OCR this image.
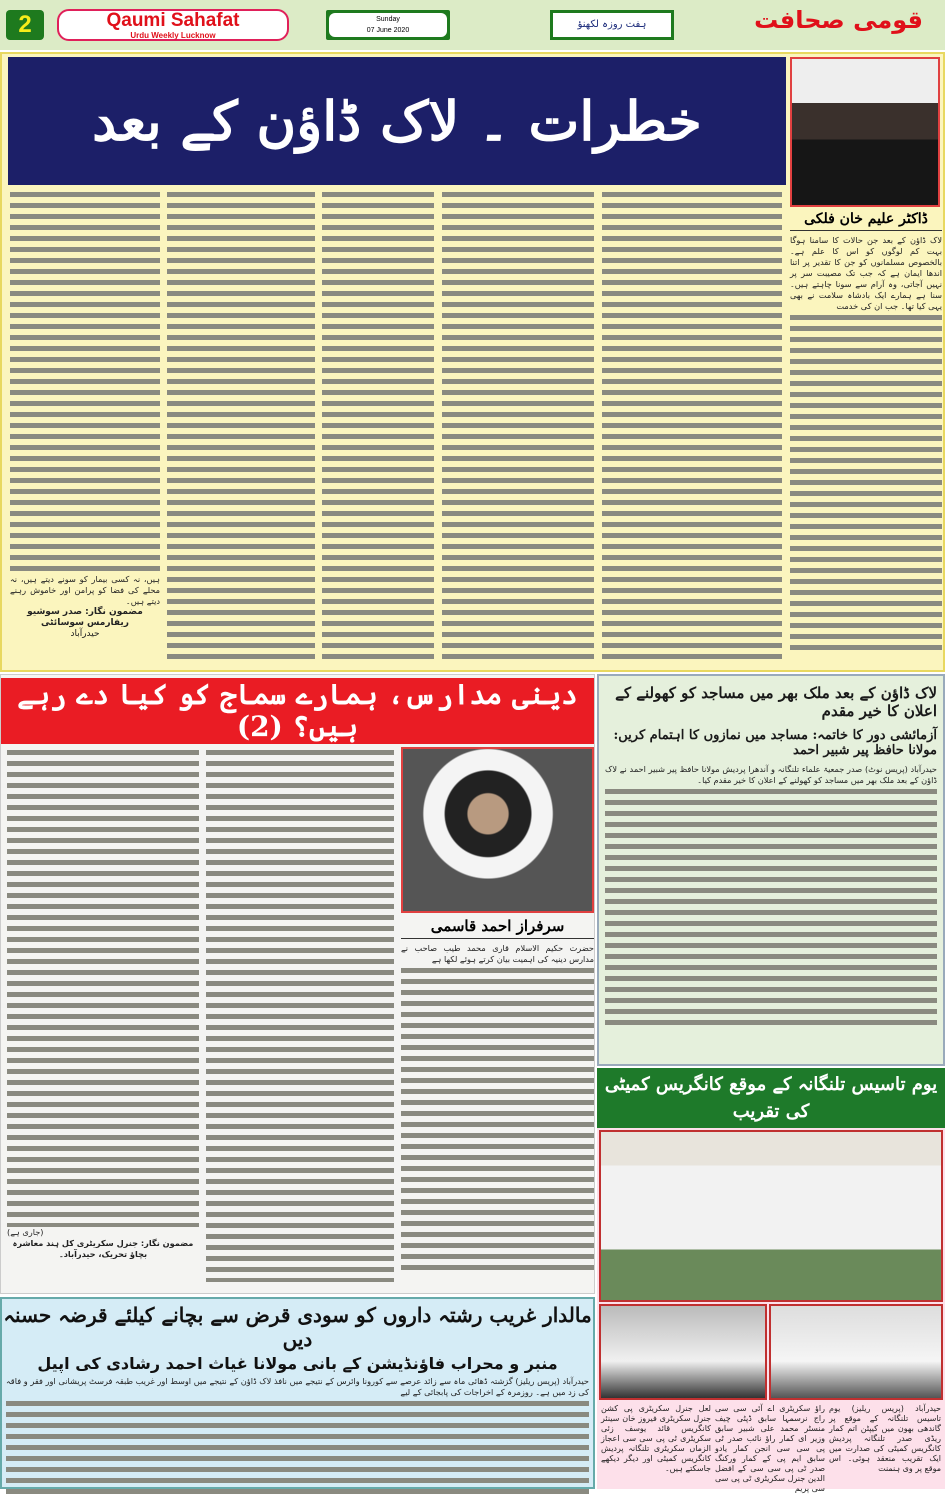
2	Qaumi Sahafat
Urdu Weekly Lucknow
Sunday
07 June 2020
ہفت روزہ لکھنؤ	قومی صحافت
خطرات ۔ لاک ڈاؤن کے بعد
ڈاکٹر علیم خان فلکی
لاک ڈاؤن کے بعد جن حالات کا سامنا ہوگا بہت کم لوگوں کو اس کا علم ہے۔ بالخصوص مسلمانوں کو جن کا تقدیر پر اتنا اندھا ایمان ہے کہ جب تک مصیبت سر پر نہیں آجاتی، وہ آرام سے سونا چاہتے ہیں۔ سنا ہے ہمارے ایک بادشاہ سلامت نے بھی یہی کیا تھا۔ جب ان کی خدمت
ہیں، نہ کسی بیمار کو سونے دیتے ہیں، نہ محلے کی فضا کو پرامن اور خاموش رہنے دیتے ہیں۔
مضمون نگار: صدر سوشیو ریفارمس سوسائٹی
حیدرآباد
دینی مدارس، ہمارے سماج کو کیا دے رہے ہیں؟ (2)
سرفراز احمد قاسمی
حضرت حکیم الاسلام قاری محمد طیب صاحب نے مدارس دینیہ کی اہمیت بیان کرتے ہوئے لکھا ہے
(جاری ہے)
مضمون نگار: جنرل سکریٹری کل ہند معاشرہ بچاؤ تحریک، حیدرآباد۔
لاک ڈاؤن کے بعد ملک بھر میں مساجد کو کھولنے کے اعلان کا خیر مقدم
آزمائشی دور کا خاتمہ: مساجد میں نمازوں کا اہتمام کریں: مولانا حافظ پیر شبیر احمد
حیدرآباد (پریس نوٹ) صدر جمعیۃ علماء تلنگانہ و آندھرا پردیش مولانا حافظ پیر شبیر احمد نے لاک ڈاؤن کے بعد ملک بھر میں مساجد کو کھولنے کے اعلان کا خیر مقدم کیا۔
یوم تاسیس تلنگانہ کے موقع کانگریس کمیٹی کی تقریب
حیدرآباد (پریس ریلیز) یوم تاسیس تلنگانہ کے موقع پر گاندھی بھون میں کیپٹن اتم کمار ریڈی صدر تلنگانہ پردیش کانگریس کمیٹی کی صدارت میں ایک تقریب منعقد ہوئی۔ اس موقع پر وی ہنمنت
راؤ سکریٹری اے آئی سی سی راج نرسمہا سابق ڈپٹی چیف منسٹر محمد علی شبیر سابق وزیر ای کمار راؤ نائب صدر ٹی پی سی سی انجن کمار یادو سابق ایم پی کے کمار ورکنگ صدر ٹی پی سی سی کے افضل الدین جنرل سکریٹری ٹی پی سی سی پریم
لعل جنرل سکریٹری پی کشن جنرل سکریٹری فیروز خان سینئر کانگریس قائد یوسف زئی سکریٹری ٹی پی سی سی اعجاز الزماں سکریٹری تلنگانہ پردیش کانگریس کمیٹی اور دیگر دیکھے جاسکتے ہیں۔
مالدار غریب رشتہ داروں کو سودی قرض سے بچانے کیلئے قرضہ حسنہ دیں
منبر و محراب فاؤنڈیشن کے بانی مولانا غیاث احمد رشادی کی اپیل
حیدرآباد (پریس ریلیز) گزشتہ ڈھائی ماہ سے زائد عرصے سے کورونا وائرس کے نتیجے میں نافذ لاک ڈاؤن کے نتیجے میں اوسط اور غریب طبقہ فرسٹ پریشانی اور فقر و فاقہ کی زد میں ہے۔ روزمرہ کے اخراجات کی پابجائی کے لیے
